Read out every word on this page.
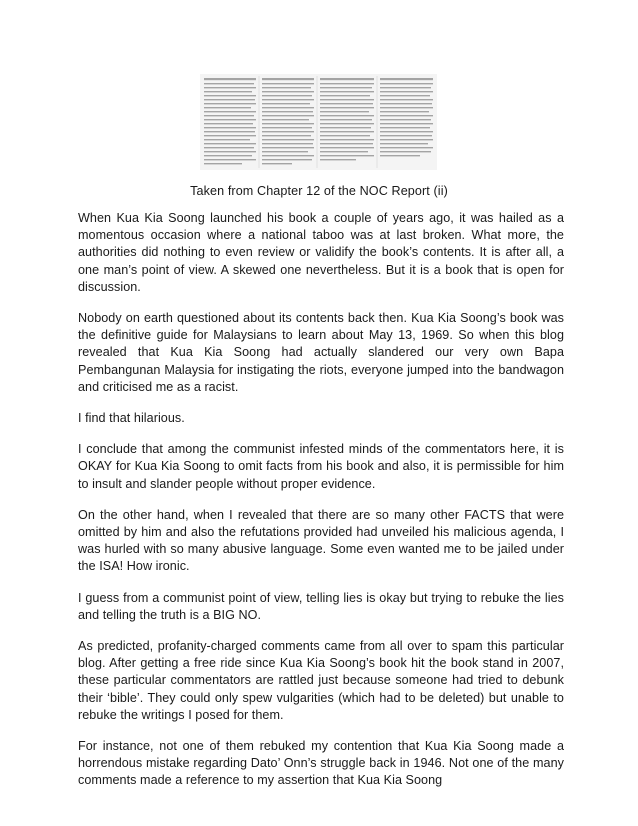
Taken from Chapter 12 of the NOC Report (ii)

When Kua Kia Soong launched his book a couple of years ago, it was hailed as a momentous occasion where a national taboo was at last broken. What more, the authorities did nothing to even review or validify the book’s contents. It is after all, a one man’s point of view. A skewed one nevertheless. But it is a book that is open for discussion.

Nobody on earth questioned about its contents back then. Kua Kia Soong’s book was the definitive guide for Malaysians to learn about May 13, 1969. So when this blog revealed that Kua Kia Soong had actually slandered our very own Bapa Pembangunan Malaysia for instigating the riots, everyone jumped into the bandwagon and criticised me as a racist.

I find that hilarious.

I conclude that among the communist infested minds of the commentators here, it is OKAY for Kua Kia Soong to omit facts from his book and also, it is permissible for him to insult and slander people without proper evidence.

On the other hand, when I revealed that there are so many other FACTS that were omitted by him and also the refutations provided had unveiled his malicious agenda, I was hurled with so many abusive language. Some even wanted me to be jailed under the ISA! How ironic.

I guess from a communist point of view, telling lies is okay but trying to rebuke the lies and telling the truth is a BIG NO.

As predicted, profanity-charged comments came from all over to spam this particular blog. After getting a free ride since Kua Kia Soong’s book hit the book stand in 2007, these particular commentators are rattled just because someone had tried to debunk their ‘bible’. They could only spew vulgarities (which had to be deleted) but unable to rebuke the writings I posed for them.

For instance, not one of them rebuked my contention that Kua Kia Soong made a horrendous mistake regarding Dato’ Onn’s struggle back in 1946. Not one of the many comments made a reference to my assertion that Kua Kia Soong
